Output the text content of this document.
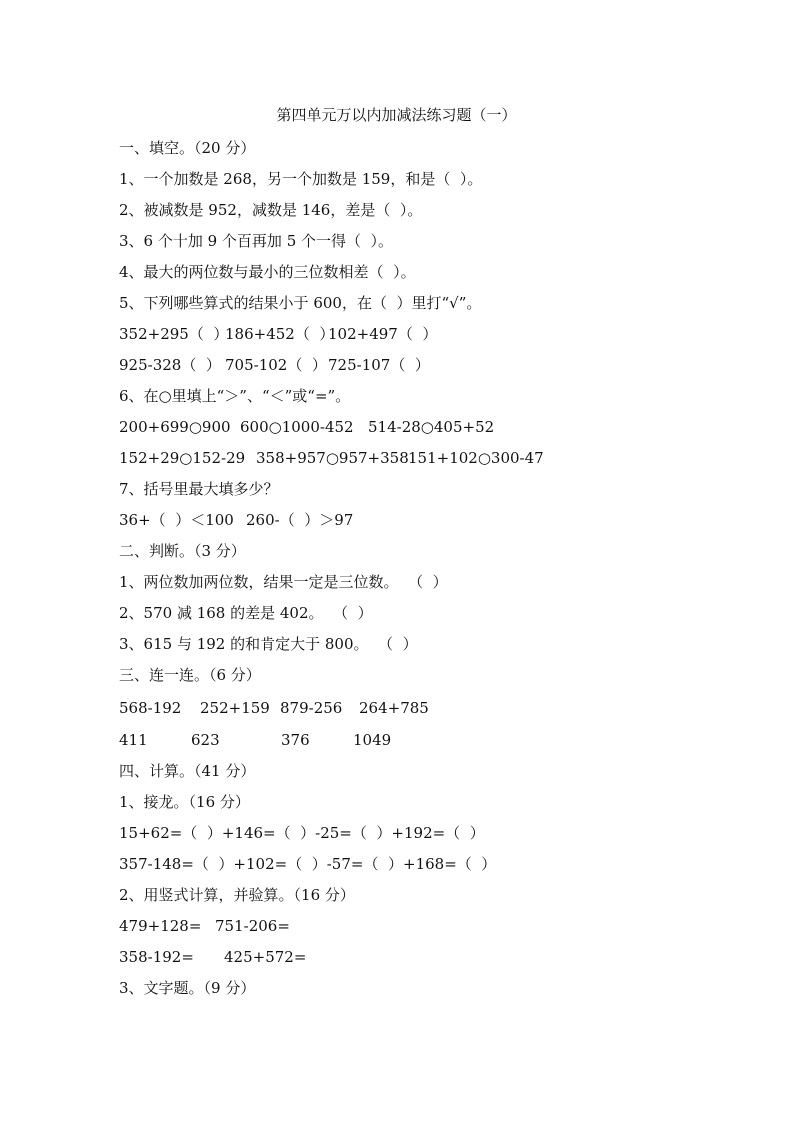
第四单元万以内加减法练习题（一）
一、填空。（20 分）
1、一个加数是 268，另一个加数是 159，和是（  ）。
2、被减数是 952，减数是 146，差是（  ）。
3、6 个十加 9 个百再加 5 个一得（  ）。
4、最大的两位数与最小的三位数相差（  ）。
5、下列哪些算式的结果小于 600，在（  ）里打“√”。
352+295（  ）
186+452（  ）
102+497（  ）
925-328（  ） 705-102（  ） 725-107（  ）
6、在○里填上“＞”、“＜”或“=”。
200+699○900 600○1000-452 514-28○405+52
152+29○152-29 358+957○957+358 151+102○300-47
7、括号里最大填多少？
36+（  ）＜100 260-（  ）＞97
二、判断。（3 分）
1、两位数加两位数，结果一定是三位数。  （  ）
2、570 减 168 的差是 402。  （  ）
3、615 与 192 的和肯定大于 800。  （  ）
三、连一连。（6 分）
568-192 252+159 879-256 264+785
411	623	376	1049
四、计算。（41 分）
1、接龙。（16 分）
15+62=（  ）+146=（  ）-25=（  ）+192=（  ）
357-148=（  ）+102=（  ）-57=（  ）+168=（  ）
2、用竖式计算，并验算。（16 分）
479+128= 751-206=
358-192= 425+572=
3、文字题。（9 分）
